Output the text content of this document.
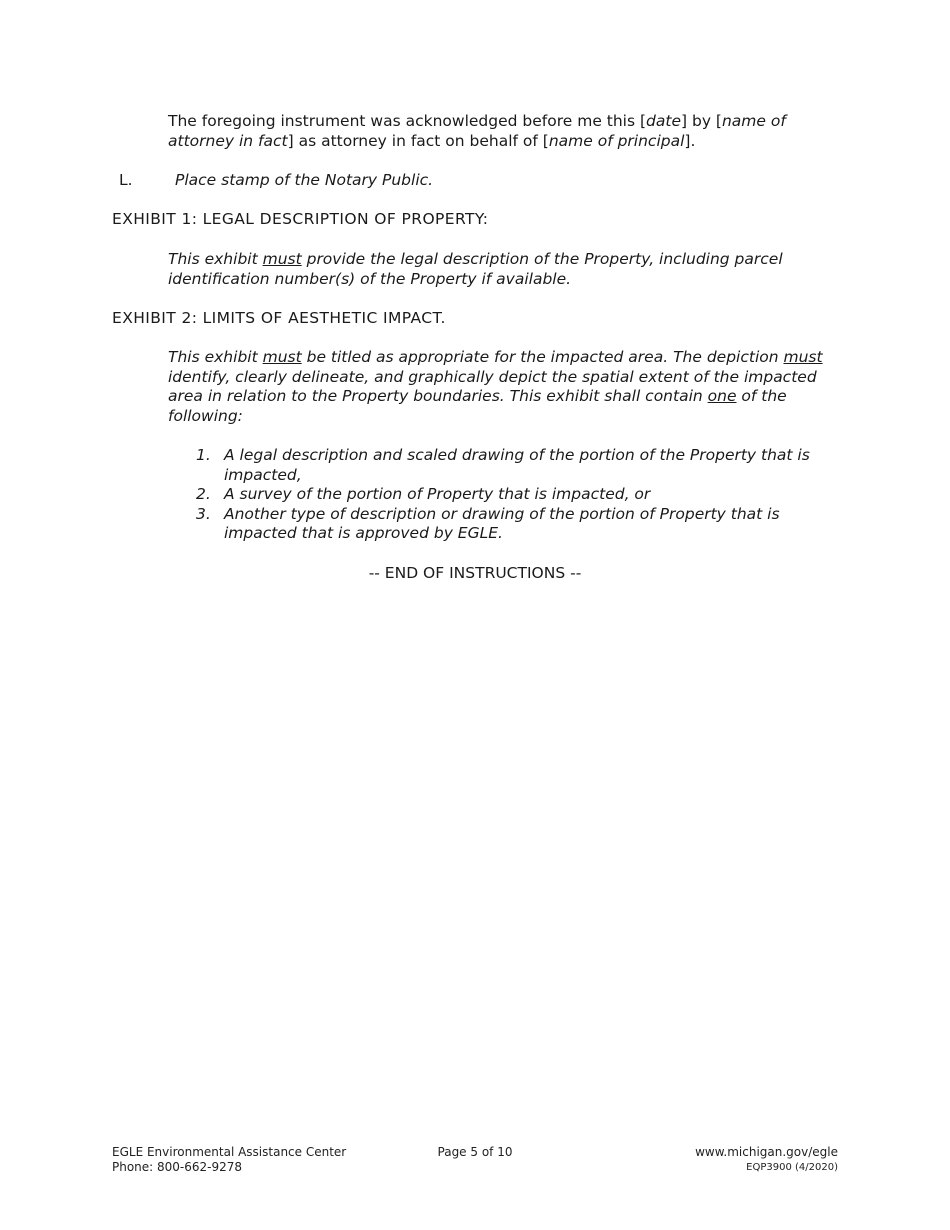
The foregoing instrument was acknowledged before me this [date] by [name of attorney in fact] as attorney in fact on behalf of [name of principal].
L.	Place stamp of the Notary Public.
EXHIBIT 1: LEGAL DESCRIPTION OF PROPERTY:
This exhibit must provide the legal description of the Property, including parcel identification number(s) of the Property if available.
EXHIBIT 2: LIMITS OF AESTHETIC IMPACT.
This exhibit must be titled as appropriate for the impacted area. The depiction must identify, clearly delineate, and graphically depict the spatial extent of the impacted area in relation to the Property boundaries. This exhibit shall contain one of the following:
1. A legal description and scaled drawing of the portion of the Property that is impacted,
2. A survey of the portion of Property that is impacted, or
3. Another type of description or drawing of the portion of Property that is impacted that is approved by EGLE.
-- END OF INSTRUCTIONS --
EGLE Environmental Assistance Center
Phone: 800-662-9278
Page 5 of 10	www.michigan.gov/egle
EQP3900 (4/2020)
